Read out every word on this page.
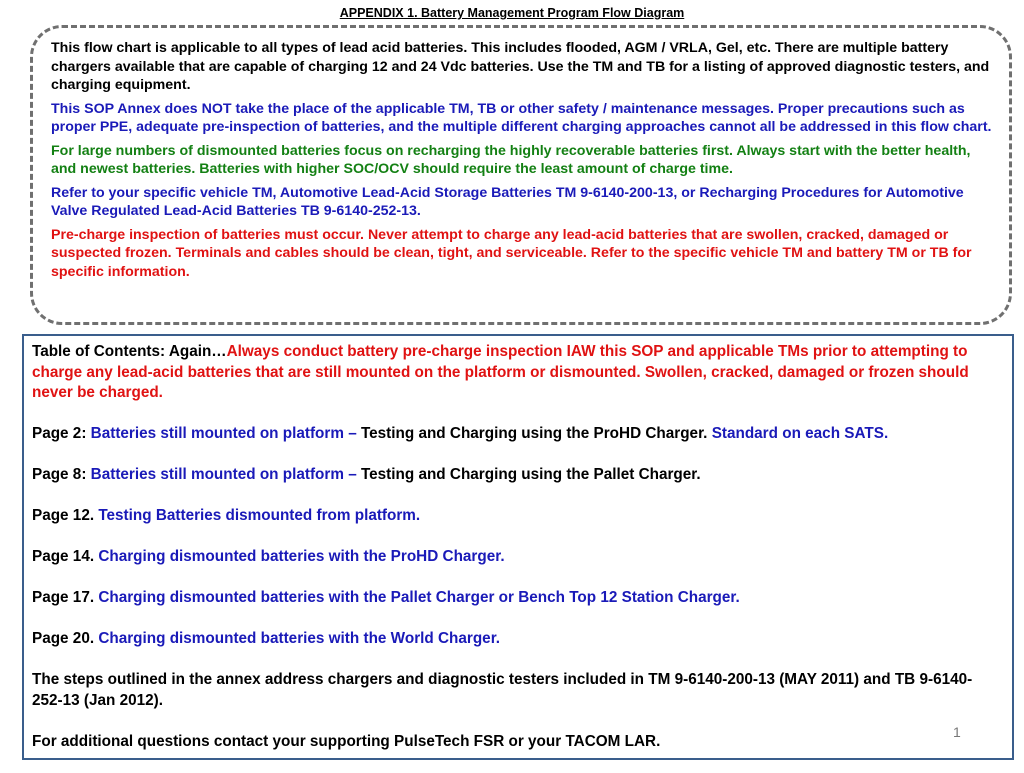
APPENDIX 1. Battery Management Program Flow Diagram

This flow chart is applicable to all types of lead acid batteries. This includes flooded, AGM / VRLA, Gel, etc. There are multiple battery chargers available that are capable of charging 12 and 24 Vdc batteries. Use the TM and TB for a listing of approved diagnostic testers, and charging equipment.

This SOP Annex does NOT take the place of the applicable TM, TB or other safety / maintenance messages. Proper precautions such as proper PPE, adequate pre-inspection of batteries, and the multiple different charging approaches cannot all be addressed in this flow chart.

For large numbers of dismounted batteries focus on recharging the highly recoverable batteries first. Always start with the better health, and newest batteries. Batteries with higher SOC/OCV should require the least amount of charge time.

Refer to your specific vehicle TM, Automotive Lead-Acid Storage Batteries TM 9-6140-200-13, or Recharging Procedures for Automotive Valve Regulated Lead-Acid Batteries TB 9-6140-252-13.

Pre-charge inspection of batteries must occur. Never attempt to charge any lead-acid batteries that are swollen, cracked, damaged or suspected frozen. Terminals and cables should be clean, tight, and serviceable. Refer to the specific vehicle TM and battery TM or TB for specific information.

Table of Contents: Again…Always conduct battery pre-charge inspection IAW this SOP and applicable TMs prior to attempting to charge any lead-acid batteries that are still mounted on the platform or dismounted. Swollen, cracked, damaged or frozen should never be charged.

Page 2: Batteries still mounted on platform – Testing and Charging using the ProHD Charger. Standard on each SATS.

Page 8: Batteries still mounted on platform – Testing and Charging using the Pallet Charger.

Page 12. Testing Batteries dismounted from platform.

Page 14. Charging dismounted batteries with the ProHD Charger.

Page 17. Charging dismounted batteries with the Pallet Charger or Bench Top 12 Station Charger.

Page 20. Charging dismounted batteries with the World Charger.

The steps outlined in the annex address chargers and diagnostic testers included in TM 9-6140-200-13 (MAY 2011) and TB 9-6140-252-13 (Jan 2012).

For additional questions contact your supporting PulseTech FSR or your TACOM LAR.

1
